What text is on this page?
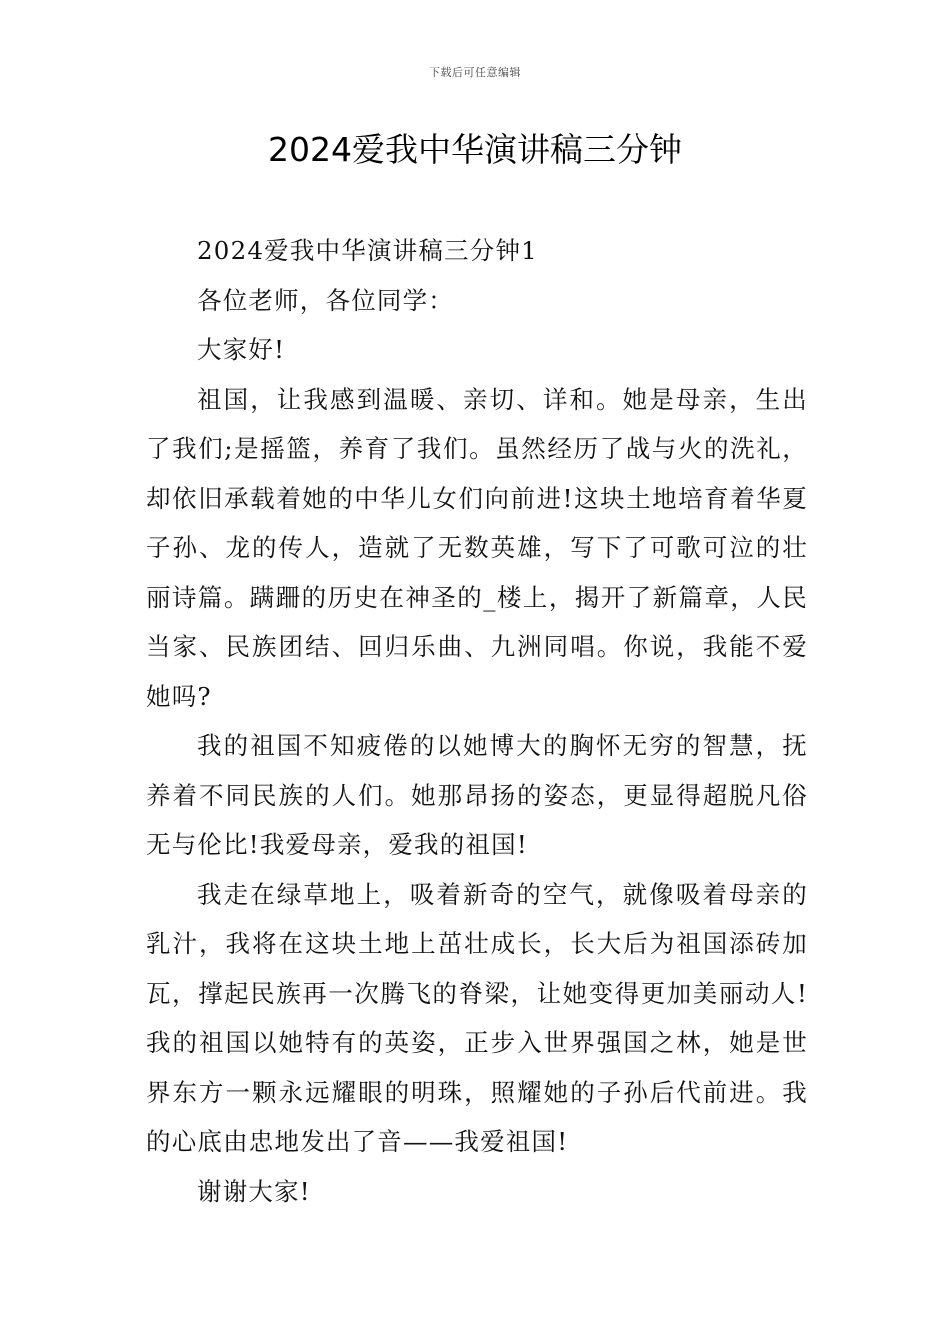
下载后可任意编辑
2024爱我中华演讲稿三分钟

2024爱我中华演讲稿三分钟1

各位老师，各位同学：

大家好!

祖国，让我感到温暖、亲切、详和。她是母亲，生出了我们;是摇篮，养育了我们。虽然经历了战与火的洗礼，却依旧承载着她的中华儿女们向前进!这块土地培育着华夏子孙、龙的传人，造就了无数英雄，写下了可歌可泣的壮丽诗篇。蹒跚的历史在神圣的_楼上，揭开了新篇章，人民当家、民族团结、回归乐曲、九洲同唱。你说，我能不爱她吗?

我的祖国不知疲倦的以她博大的胸怀无穷的智慧，抚养着不同民族的人们。她那昂扬的姿态，更显得超脱凡俗无与伦比!我爱母亲，爱我的祖国!

我走在绿草地上，吸着新奇的空气，就像吸着母亲的乳汁，我将在这块土地上茁壮成长，长大后为祖国添砖加瓦，撑起民族再一次腾飞的脊梁，让她变得更加美丽动人!我的祖国以她特有的英姿，正步入世界强国之林，她是世界东方一颗永远耀眼的明珠，照耀她的子孙后代前进。我的心底由忠地发出了音——我爱祖国!

谢谢大家!
